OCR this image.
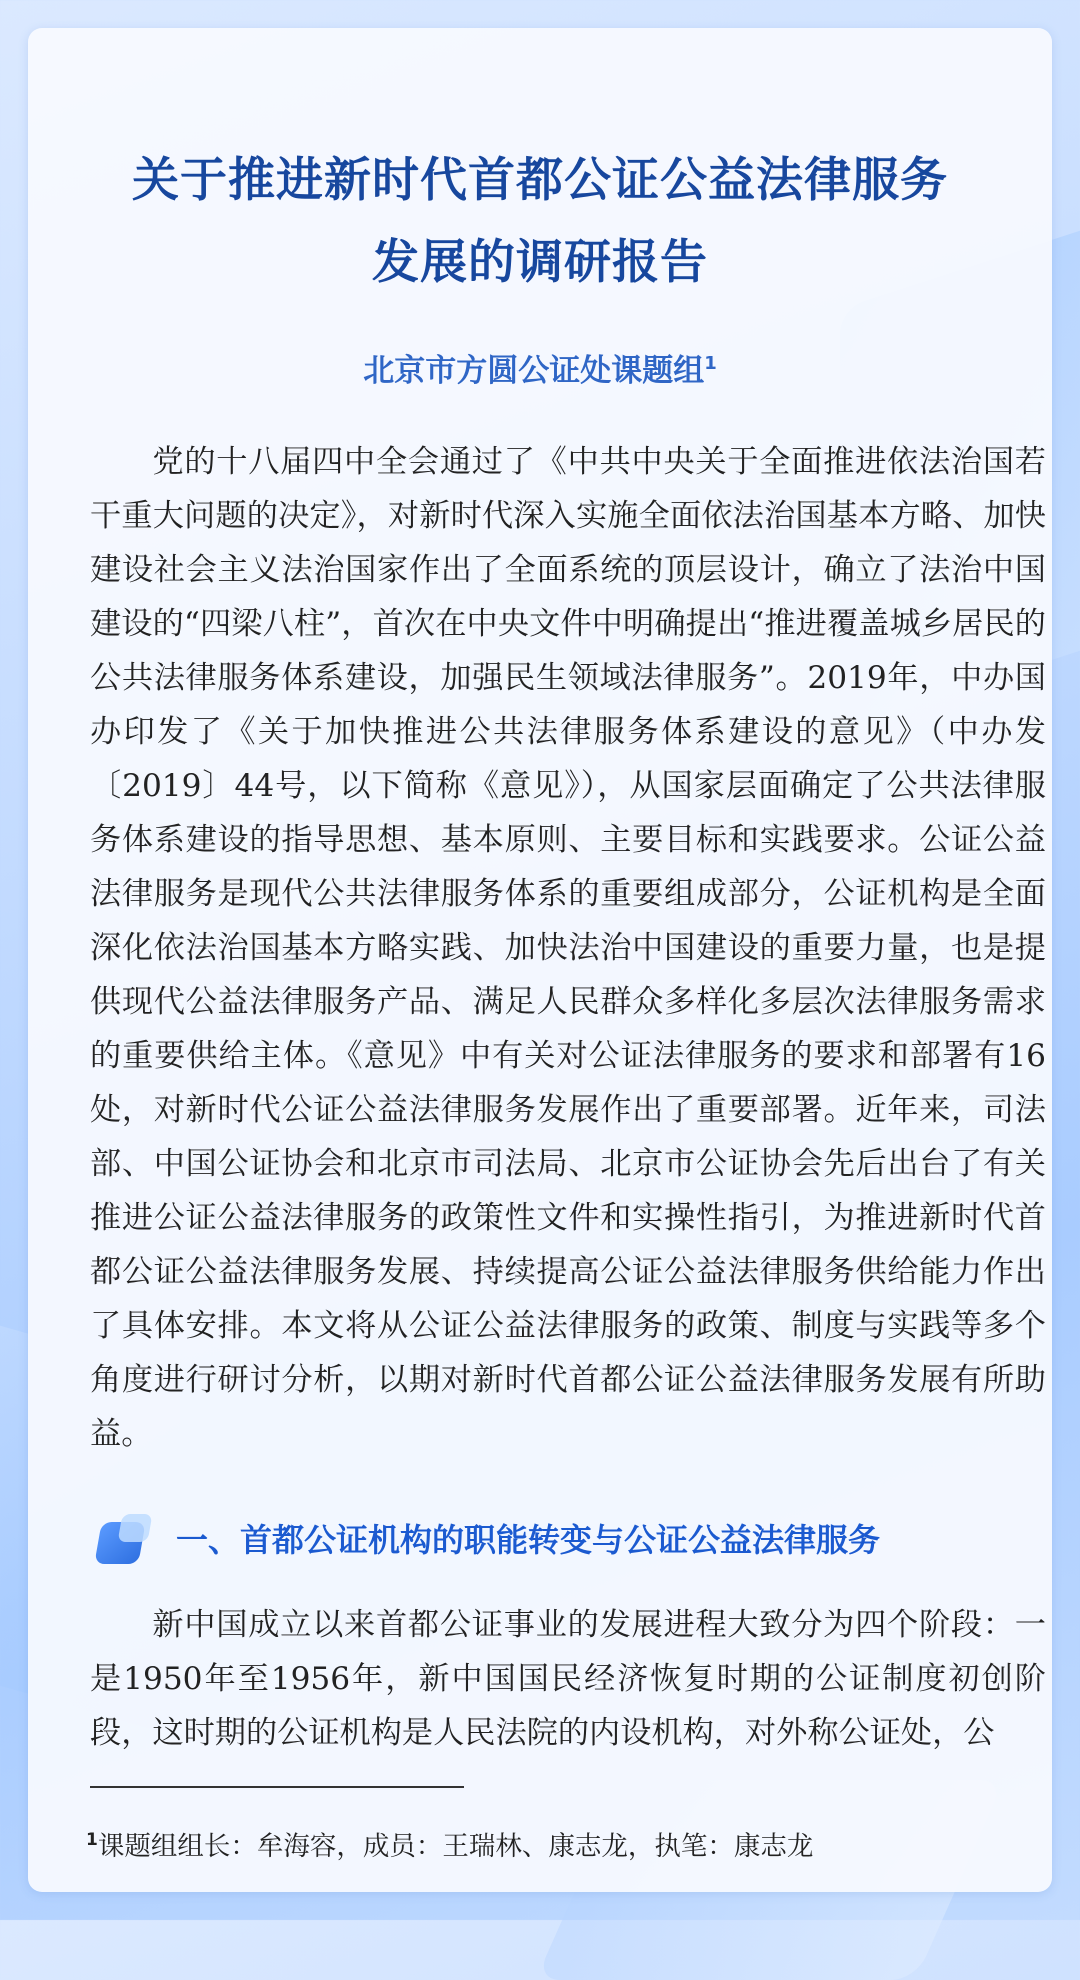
关于推进新时代首都公证公益法律服务
发展的调研报告
北京市方圆公证处课题组$^1$

党的十八届四中全会通过了《中共中央关于全面推进依法治国若干重大问题的决定》，对新时代深入实施全面依法治国基本方略、加快建设社会主义法治国家作出了全面系统的顶层设计，确立了法治中国建设的“四梁八柱”，首次在中央文件中明确提出“推进覆盖城乡居民的公共法律服务体系建设，加强民生领域法律服务”。2019年，中办国办印发了《关于加快推进公共法律服务体系建设的意见》（中办发〔2019〕44号，以下简称《意见》），从国家层面确定了公共法律服务体系建设的指导思想、基本原则、主要目标和实践要求。公证公益法律服务是现代公共法律服务体系的重要组成部分，公证机构是全面深化依法治国基本方略实践、加快法治中国建设的重要力量，也是提供现代公益法律服务产品、满足人民群众多样化多层次法律服务需求的重要供给主体。《意见》中有关对公证法律服务的要求和部署有16处，对新时代公证公益法律服务发展作出了重要部署。近年来，司法部、中国公证协会和北京市司法局、北京市公证协会先后出台了有关推进公证公益法律服务的政策性文件和实操性指引，为推进新时代首都公证公益法律服务发展、持续提高公证公益法律服务供给能力作出了具体安排。本文将从公证公益法律服务的政策、制度与实践等多个角度进行研讨分析，以期对新时代首都公证公益法律服务发展有所助益。

一、首都公证机构的职能转变与公证公益法律服务

新中国成立以来首都公证事业的发展进程大致分为四个阶段：一是1950年至1956年，新中国国民经济恢复时期的公证制度初创阶段，这时期的公证机构是人民法院的内设机构，对外称公证处，公

$^1$课题组组长：牟海容，成员：王瑞林、康志龙，执笔：康志龙
